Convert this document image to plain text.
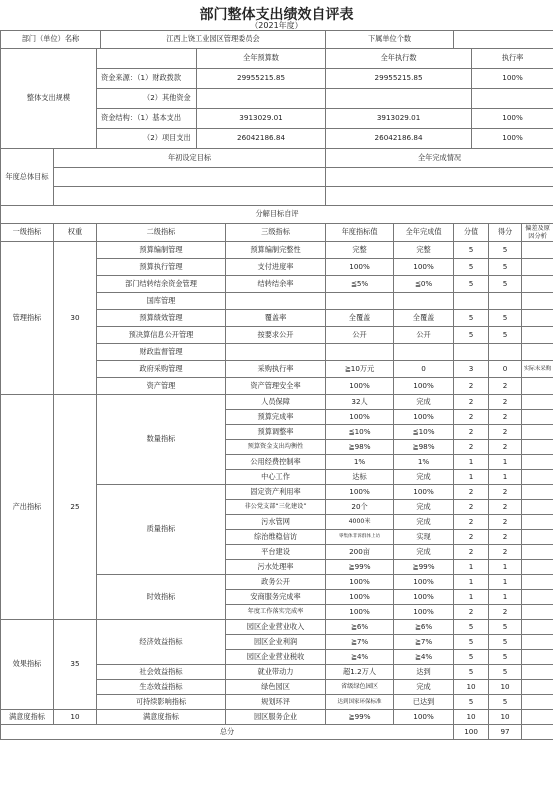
部门整体支出绩效自评表
（2021年度）
部门（单位）名称			江西上饶工业园区管理委员会			下属单位个数					
整体支出规模				全年预算数		全年执行数			执行率		
		资金来源：（1）财政拨款		29955215.85		29955215.85			100%		
		（2）其他资金									
		资金结构：（1）基本支出		3913029.01		3913029.01			100%		
		（2）项目支出		26042186.84		26042186.84			100%		
年度总体目标	年初设定目标					全年完成情况					

分解目标自评											
一级指标	权重	二级指标			三级指标	年度指标值	全年完成值	分值		得分	偏差及原因分析
管理指标	30	预算编制管理			预算编制完整性	完整	完整	5		5	
		预算执行管理			支付进度率	100%	100%	5		5	
		部门结转结余资金管理			结转结余率	≦5%	≦0%	5		5	
		国库管理									
		预算绩效管理			覆盖率	全覆盖	全覆盖	5		5	
		预决算信息公开管理			按要求公开	公开	公开	5		5	
		财政监督管理									
		政府采购管理			采购执行率	≧10万元	0	3		0	实际未采购
		资产管理			资产管理安全率	100%	100%	2		2	
产出指标	25	数量指标			人员保障	32人	完成	2		2	
					预算完成率	100%	100%	2		2	
					预算调整率	≦10%	≦10%	2		2	
					预算资金支出均衡性	≧98%	≧98%	2		2	
					公用经费控制率	1%	1%	1		1	
					中心工作	达标	完成	1		1	
		质量指标			固定资产利用率	100%	100%	2		2	
					非公党支部“三化建设”	20个	完成	2		2	
					污水管网	4000米	完成	2		2	
					综治维稳信访	零集体非诉群体上访	实现	2		2	
					平台建设	200亩	完成	2		2	
					污水处理率	≧99%	≧99%	1		1	
		时效指标			政务公开	100%	100%	1		1	
					安商服务完成率	100%	100%	1		1	
					年度工作落实完成率	100%	100%	2		2	
效果指标	35	经济效益指标			园区企业营业收入	≧6%	≧6%	5		5	
					园区企业利润	≧7%	≧7%	5		5	
					园区企业营业税收	≧4%	≧4%	5		5	
		社会效益指标			就业带动力	超1.2万人	达到	5		5	
		生态效益指标			绿色园区	省级绿色园区	完成	10		10	
		可持续影响指标			规划环评	达到国家环保标准	已达到	5		5	
满意度指标	10	满意度指标			园区服务企业	≧99%	100%	10		10	
总分								100		97	
